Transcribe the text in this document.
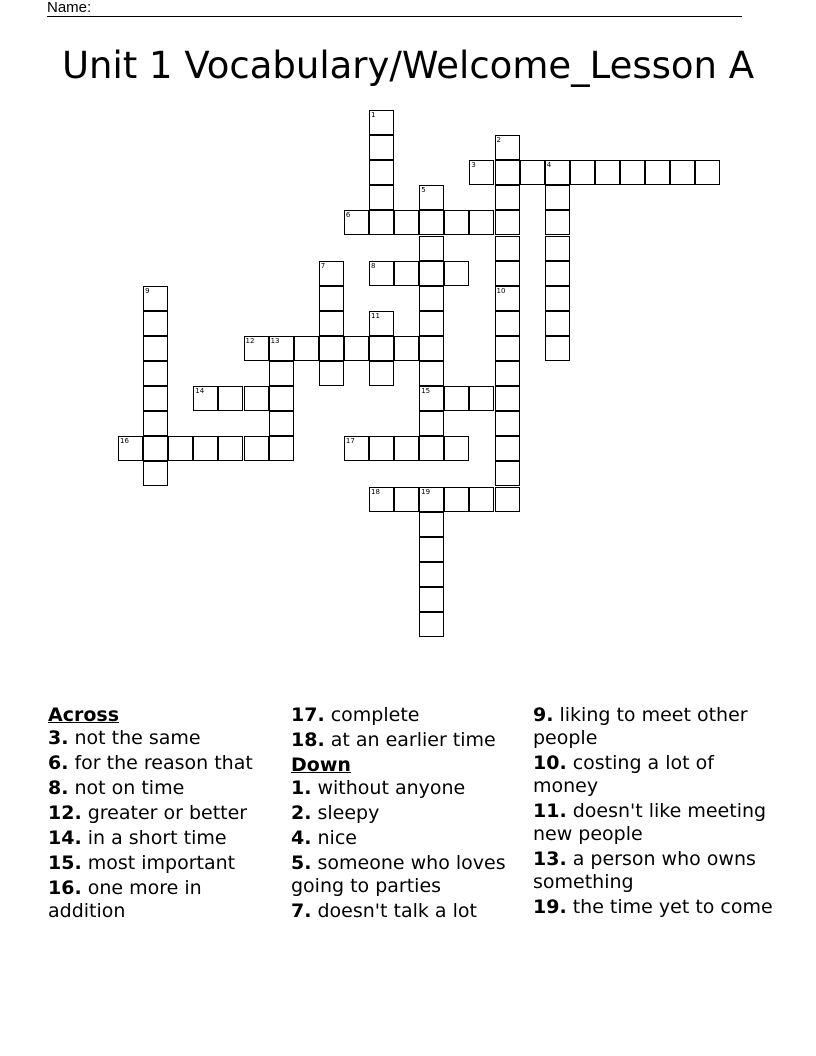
Name:
Unit 1 Vocabulary/Welcome_Lesson A
1
2
3	4
5
15
6
7	8
9	10
11
12 13
14
16	17
18	19
Across
3. not the same
6. for the reason that
8. not on time
12. greater or better
14. in a short time
15. most important
16. one more in addition
17. complete
18. at an earlier time
Down
1. without anyone
2. sleepy
4. nice
5. someone who loves going to parties
7. doesn't talk a lot
9. liking to meet other people
10. costing a lot of money
11. doesn't like meeting new people
13. a person who owns something
19. the time yet to come
